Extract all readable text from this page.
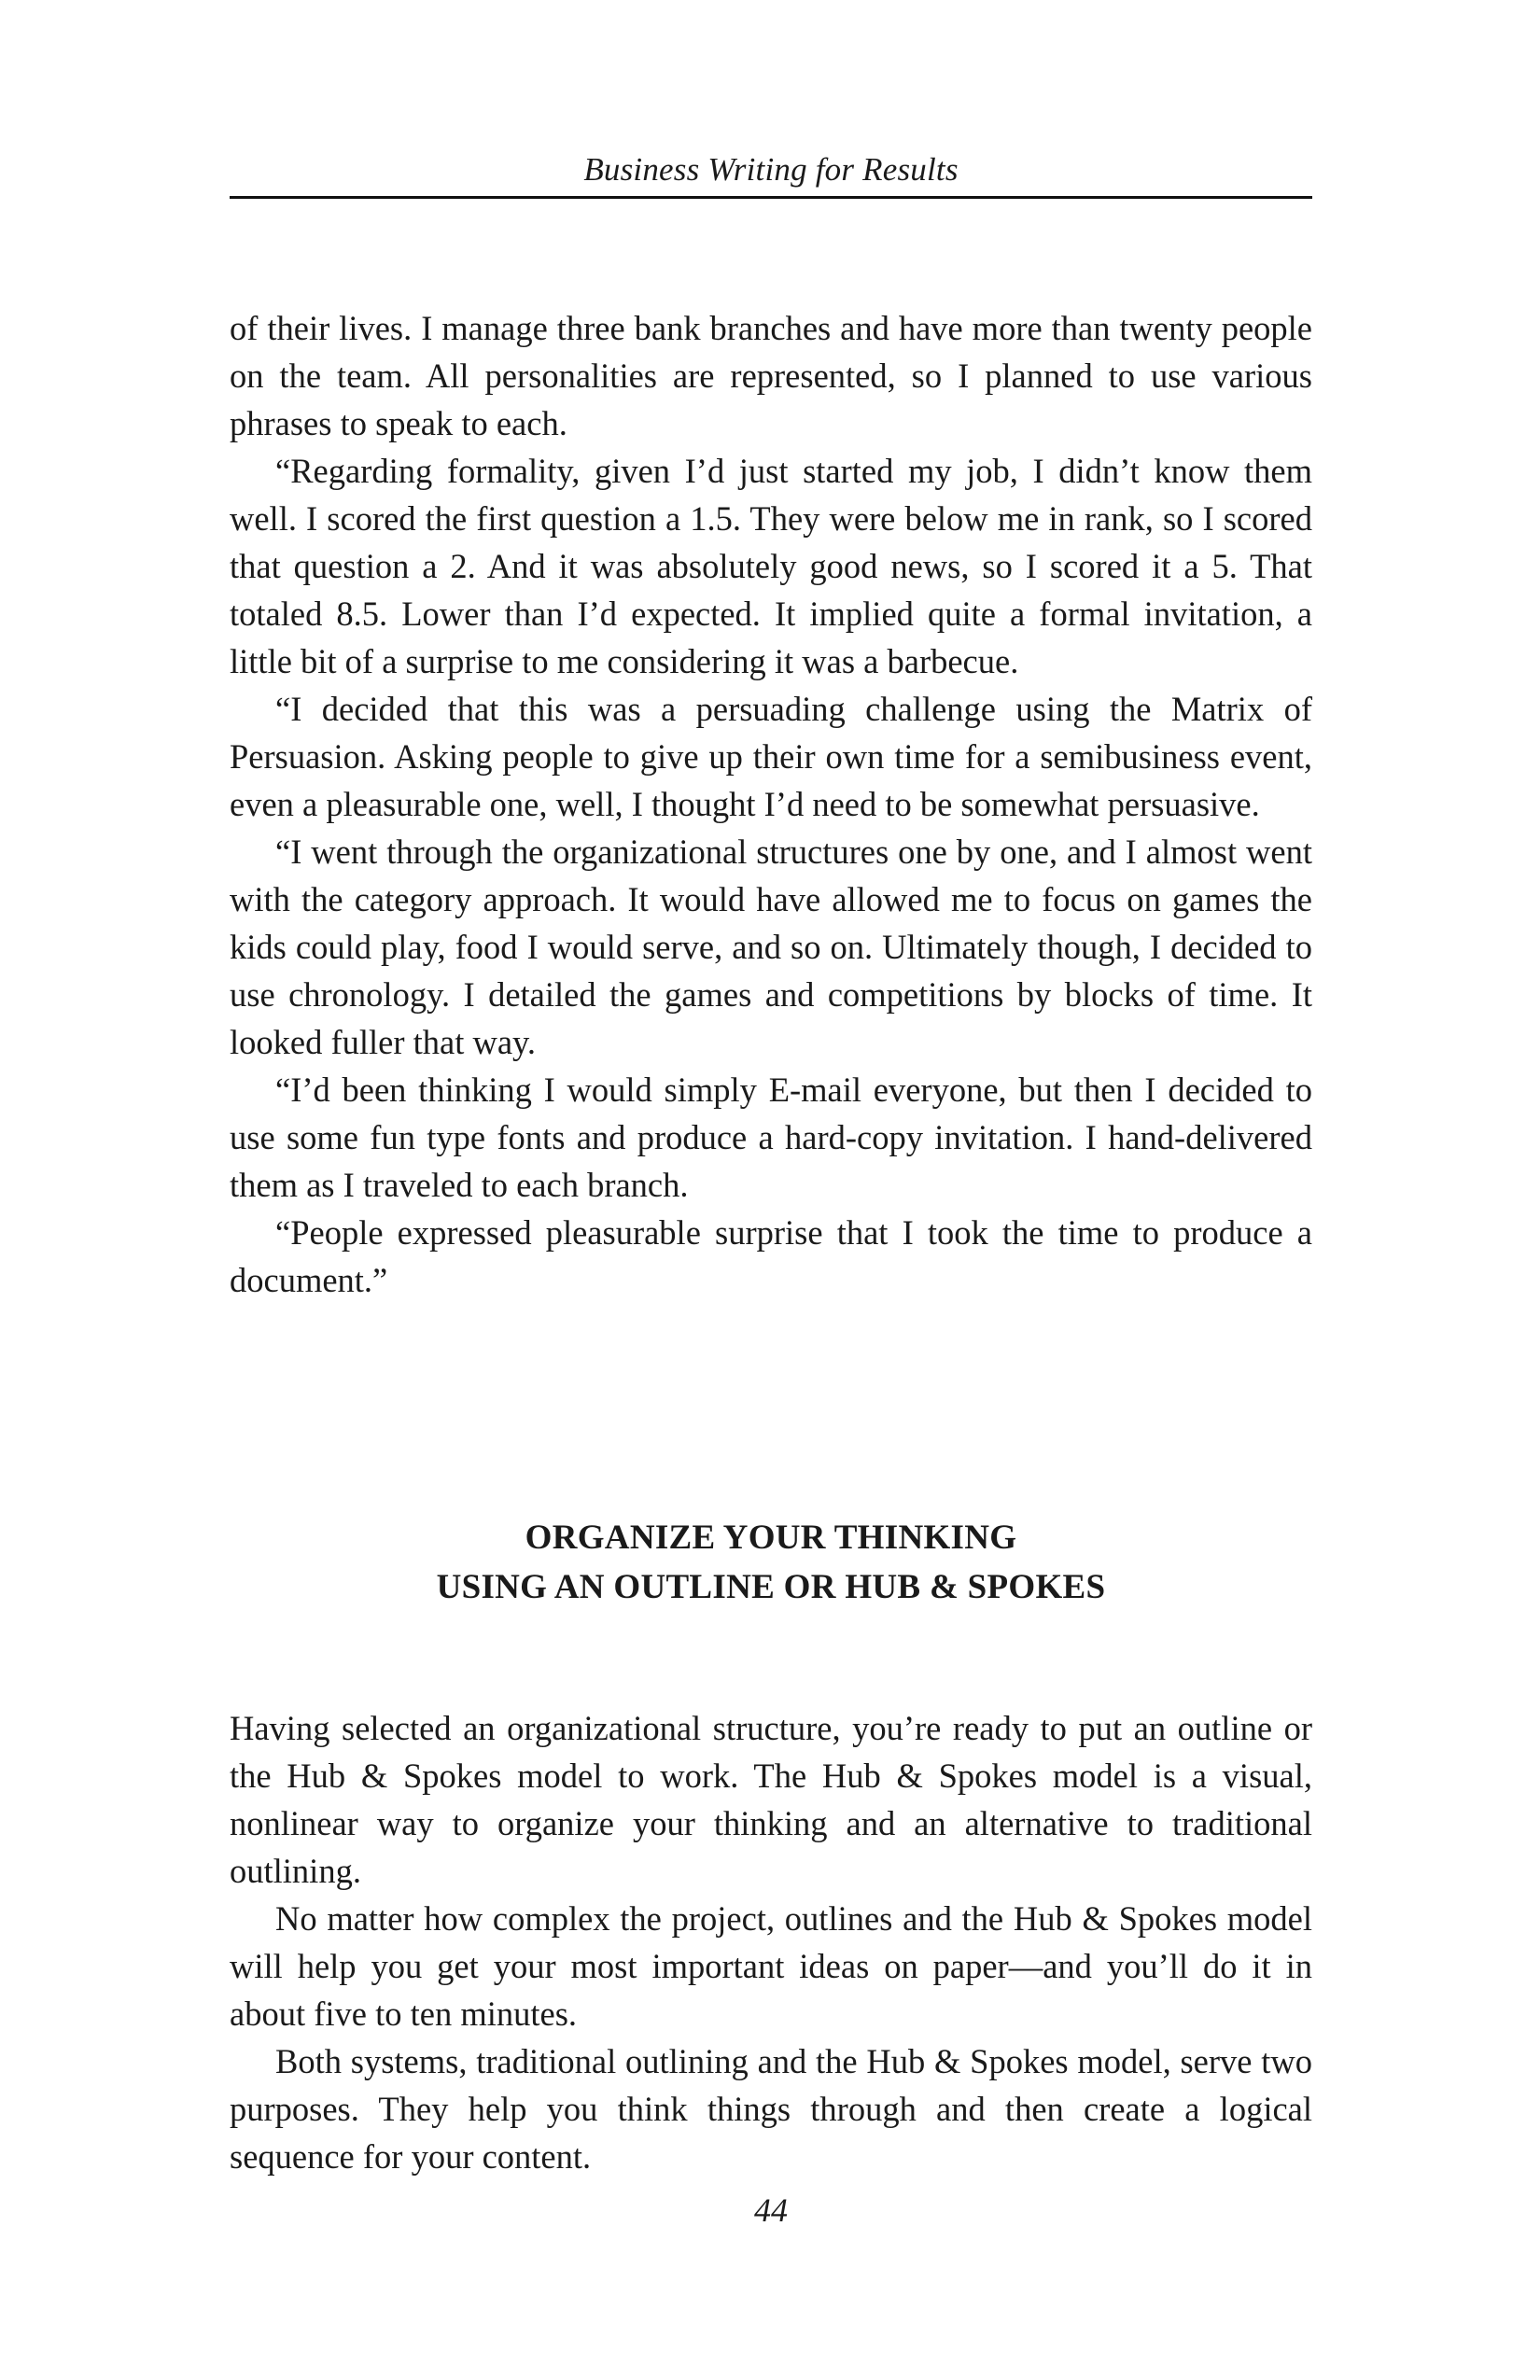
Business Writing for Results

of their lives. I manage three bank branches and have more than twenty people on the team. All personalities are represented, so I planned to use various phrases to speak to each.

“Regarding formality, given I’d just started my job, I didn’t know them well. I scored the first question a 1.5. They were below me in rank, so I scored that question a 2. And it was absolutely good news, so I scored it a 5. That totaled 8.5. Lower than I’d expected. It implied quite a formal invitation, a little bit of a surprise to me considering it was a barbecue.

“I decided that this was a persuading challenge using the Matrix of Persuasion. Asking people to give up their own time for a semibusiness event, even a pleasurable one, well, I thought I’d need to be somewhat persuasive.

“I went through the organizational structures one by one, and I almost went with the category approach. It would have allowed me to focus on games the kids could play, food I would serve, and so on. Ultimately though, I decided to use chronology. I detailed the games and competitions by blocks of time. It looked fuller that way.

“I’d been thinking I would simply E-mail everyone, but then I decided to use some fun type fonts and produce a hard-copy invitation. I hand-delivered them as I traveled to each branch.

“People expressed pleasurable surprise that I took the time to produce a document.”

ORGANIZE YOUR THINKING
USING AN OUTLINE OR HUB & SPOKES

Having selected an organizational structure, you’re ready to put an outline or the Hub & Spokes model to work. The Hub & Spokes model is a visual, nonlinear way to organize your thinking and an alternative to traditional outlining.

No matter how complex the project, outlines and the Hub & Spokes model will help you get your most important ideas on paper—and you’ll do it in about five to ten minutes.

Both systems, traditional outlining and the Hub & Spokes model, serve two purposes. They help you think things through and then create a logical sequence for your content.

44
